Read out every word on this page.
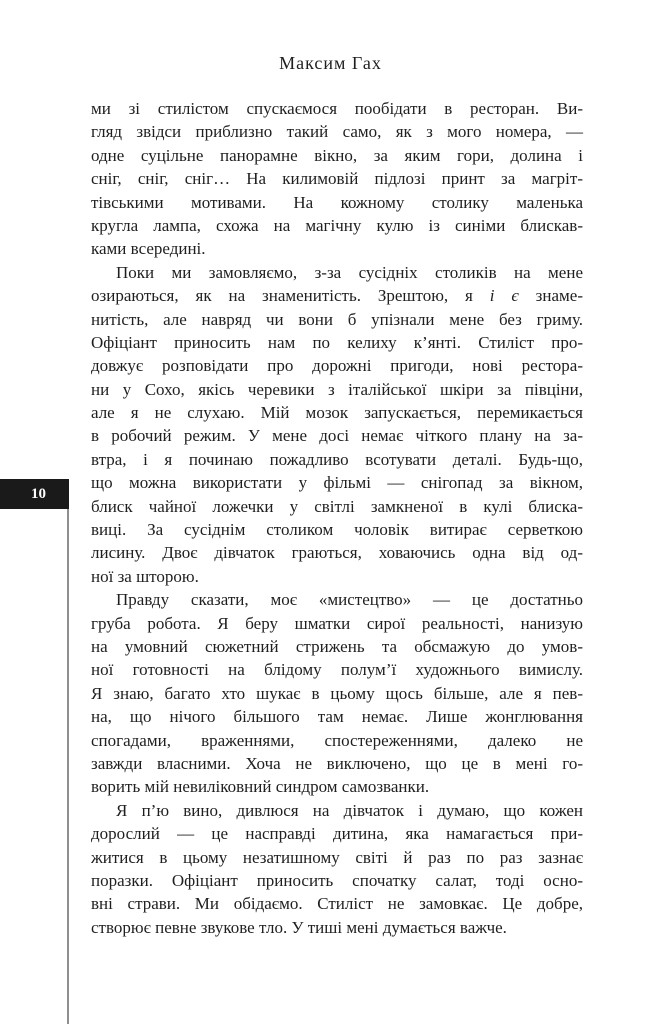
Максим Гах
10
ми зі стилістом спускаємося пообідати в ресторан. Ви-
гляд звідси приблизно такий само, як з мого номера, —
одне суцільне панорамне вікно, за яким гори, долина і
сніг, сніг, сніг… На килимовій підлозі принт за магріт-
тівськими мотивами. На кожному столику маленька
кругла лампа, схожа на магічну кулю із синіми блискав-
ками всередині.
Поки ми замовляємо, з-за сусідніх столиків на мене
озираються, як на знаменитість. Зрештою, я і є знаме-
нитість, але навряд чи вони б упізнали мене без гриму.
Офіціант приносить нам по келиху к’янті. Стиліст про-
довжує розповідати про дорожні пригоди, нові рестора-
ни у Сохо, якісь черевики з італійської шкіри за півціни,
але я не слухаю. Мій мозок запускається, перемикається
в робочий режим. У мене досі немає чіткого плану на за-
втра, і я починаю пожадливо всотувати деталі. Будь-що,
що можна використати у фільмі — снігопад за вікном,
блиск чайної ложечки у світлі замкненої в кулі блиска-
виці. За сусіднім столиком чоловік витирає серветкою
лисину. Двоє дівчаток граються, ховаючись одна від од-
ної за шторою.
Правду сказати, моє «мистецтво» — це достатньо
груба робота. Я беру шматки сирої реальності, нанизую
на умовний сюжетний стрижень та обсмажую до умов-
ної готовності на блідому полум’ї художнього вимислу.
Я знаю, багато хто шукає в цьому щось більше, але я пев-
на, що нічого більшого там немає. Лише жонглювання
спогадами, враженнями, спостереженнями, далеко не
завжди власними. Хоча не виключено, що це в мені го-
ворить мій невиліковний синдром самозванки.
Я п’ю вино, дивлюся на дівчаток і думаю, що кожен
дорослий — це насправді дитина, яка намагається при-
житися в цьому незатишному світі й раз по раз зазнає
поразки. Офіціант приносить спочатку салат, тоді осно-
вні страви. Ми обідаємо. Стиліст не замовкає. Це добре,
створює певне звукове тло. У тиші мені думається важче.
